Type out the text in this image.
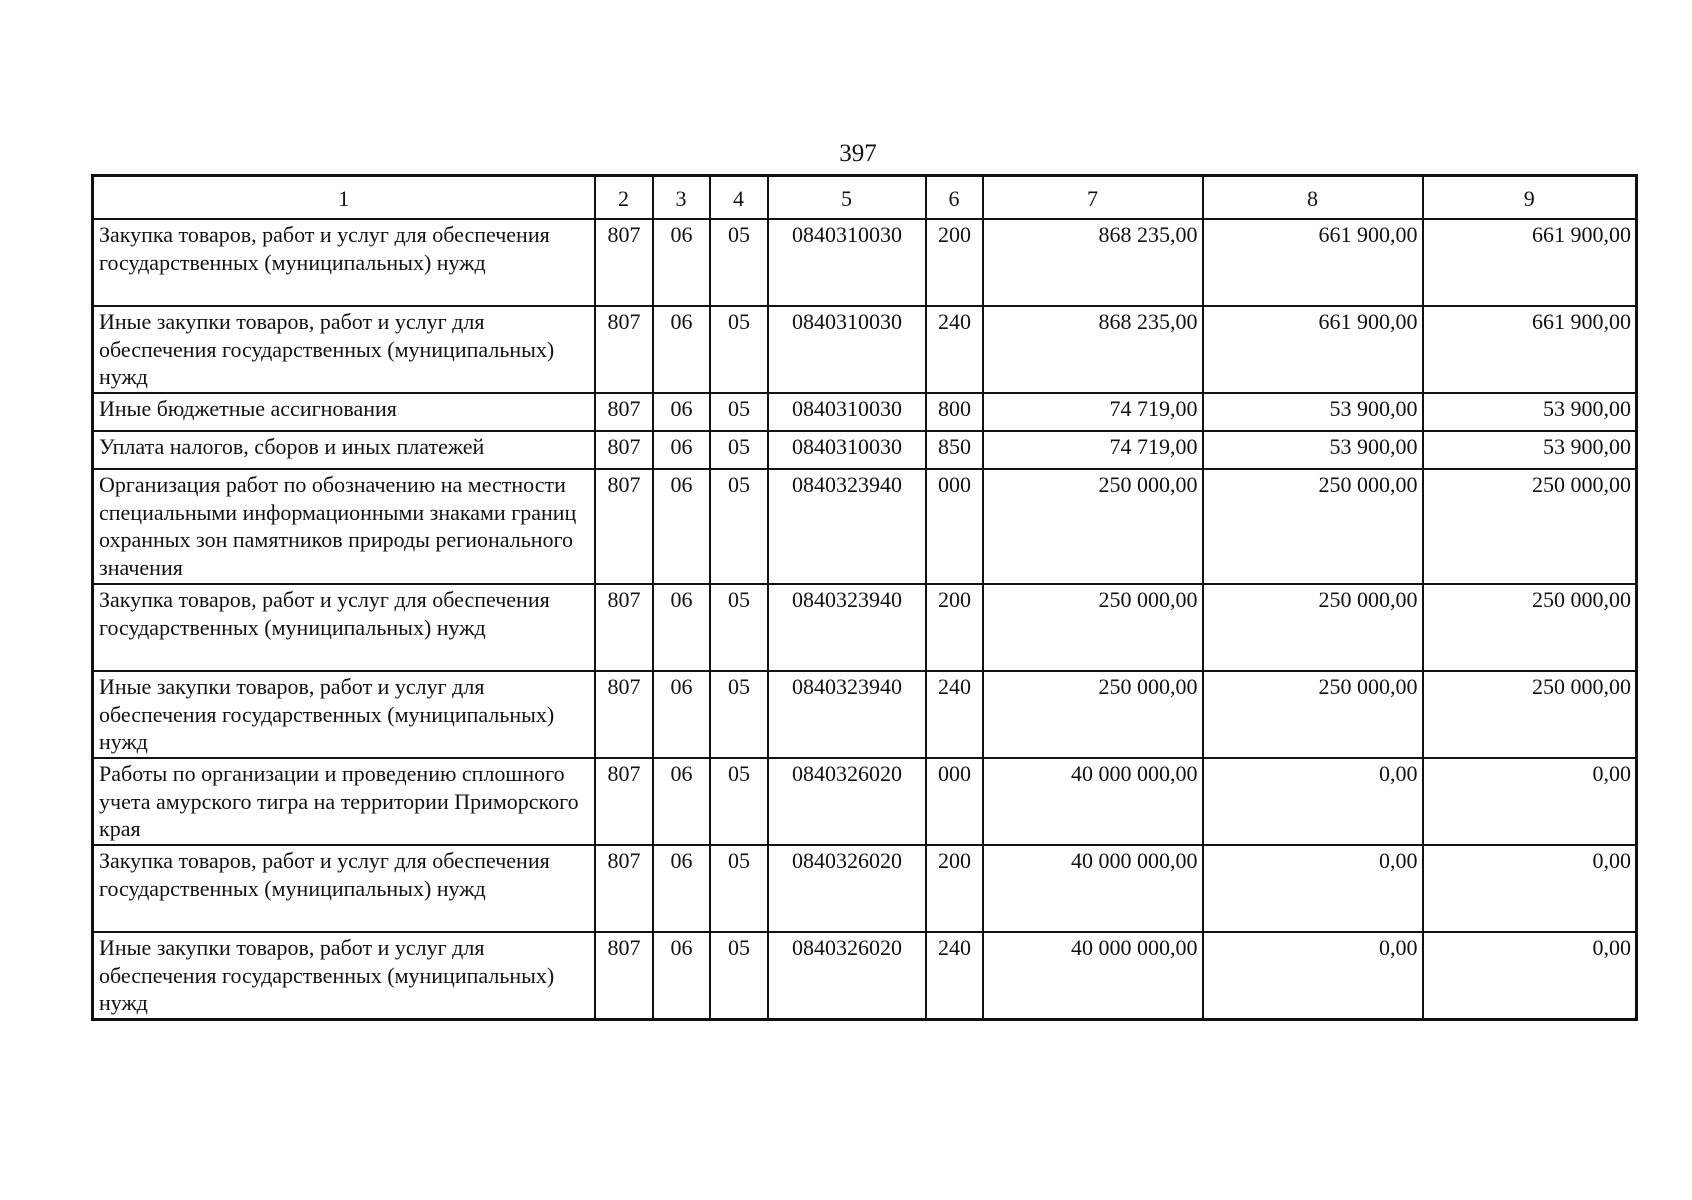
397
1	2	3	4	5	6	7	8	9
Закупка товаров, работ и услуг для обеспечения государственных (муниципальных) нужд	807	06	05	0840310030	200	868 235,00	661 900,00	661 900,00
Иные закупки товаров, работ и услуг для обеспечения государственных (муниципальных) нужд	807	06	05	0840310030	240	868 235,00	661 900,00	661 900,00
Иные бюджетные ассигнования	807	06	05	0840310030	800	74 719,00	53 900,00	53 900,00
Уплата налогов, сборов и иных платежей	807	06	05	0840310030	850	74 719,00	53 900,00	53 900,00
Организация работ по обозначению на местности специальными информационными знаками границ охранных зон памятников природы регионального значения	807	06	05	0840323940	000	250 000,00	250 000,00	250 000,00
Закупка товаров, работ и услуг для обеспечения государственных (муниципальных) нужд	807	06	05	0840323940	200	250 000,00	250 000,00	250 000,00
Иные закупки товаров, работ и услуг для обеспечения государственных (муниципальных) нужд	807	06	05	0840323940	240	250 000,00	250 000,00	250 000,00
Работы по организации и проведению сплошного учета амурского тигра на территории Приморского края	807	06	05	0840326020	000	40 000 000,00	0,00	0,00
Закупка товаров, работ и услуг для обеспечения государственных (муниципальных) нужд	807	06	05	0840326020	200	40 000 000,00	0,00	0,00
Иные закупки товаров, работ и услуг для обеспечения государственных (муниципальных) нужд	807	06	05	0840326020	240	40 000 000,00	0,00	0,00
